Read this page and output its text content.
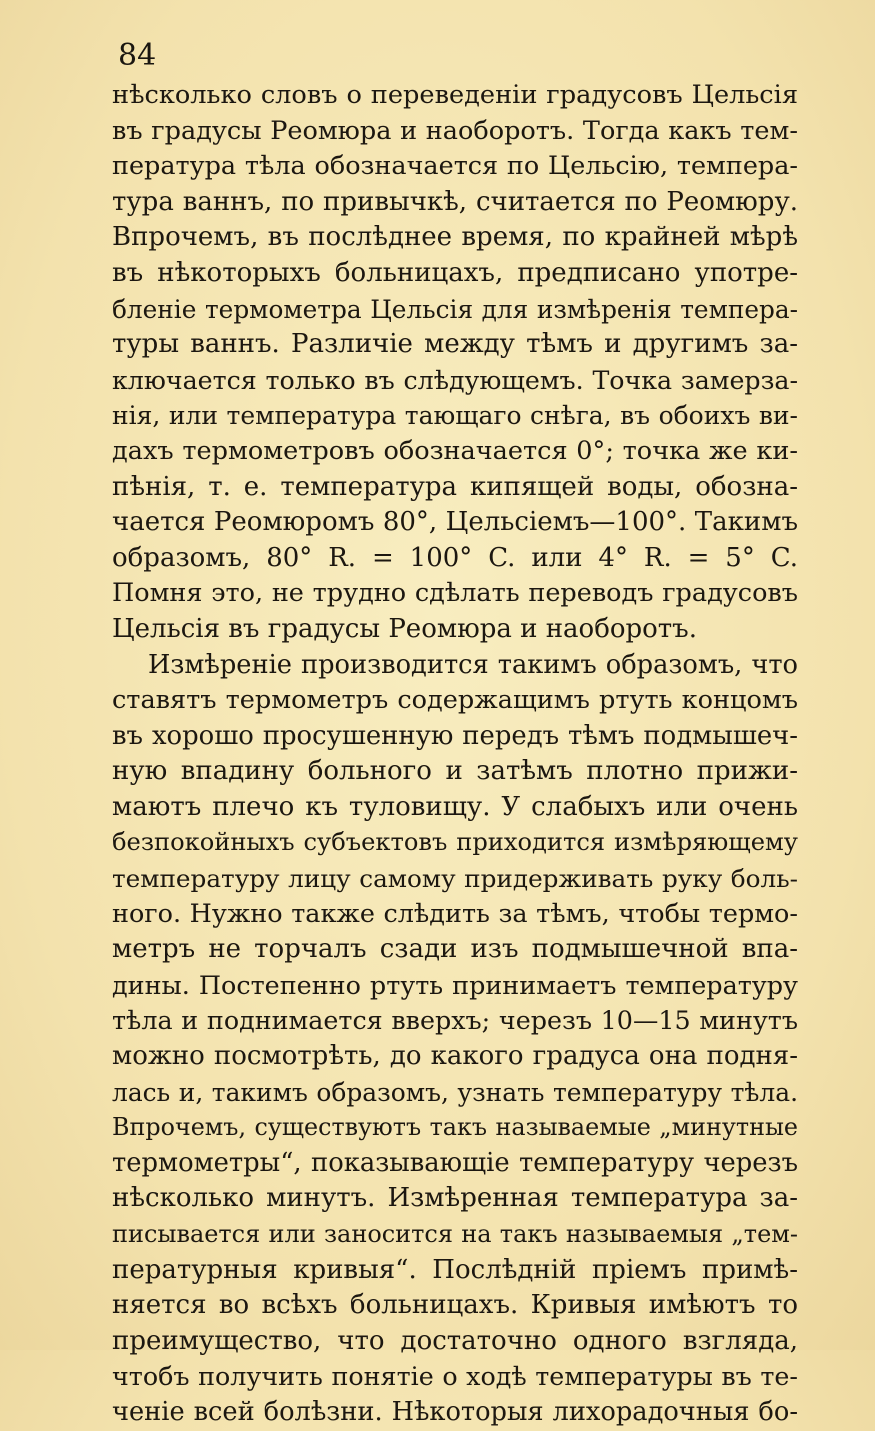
84
нѣсколько словъ о переведеніи градусовъ Цельсія
въ градусы Реомюра и наоборотъ. Тогда какъ тем-
пература тѣла обозначается по Цельсію, темпера-
тура ваннъ, по привычкѣ, считается по Реомюру.
Впрочемъ, въ послѣднее время, по крайней мѣрѣ
въ нѣкоторыхъ больницахъ, предписано употре-
бленіе термометра Цельсія для измѣренія темпера-
туры ваннъ. Различіе между тѣмъ и другимъ за-
ключается только въ слѣдующемъ. Точка замерза-
нія, или температура тающаго снѣга, въ обоихъ ви-
дахъ термометровъ обозначается 0°; точка же ки-
пѣнія, т. е. температура кипящей воды, обозна-
чается Реомюромъ 80°, Цельсіемъ—100°. Такимъ
образомъ, 80° R. = 100° C. или 4° R. = 5° C.
Помня это, не трудно сдѣлать переводъ градусовъ
Цельсія въ градусы Реомюра и наоборотъ.
Измѣреніе производится такимъ образомъ, что
ставятъ термометръ содержащимъ ртуть концомъ
въ хорошо просушенную передъ тѣмъ подмышеч-
ную впадину больного и затѣмъ плотно прижи-
маютъ плечо къ туловищу. У слабыхъ или очень
безпокойныхъ субъектовъ приходится измѣряющему
температуру лицу самому придерживать руку боль-
ного. Нужно также слѣдить за тѣмъ, чтобы термо-
метръ не торчалъ сзади изъ подмышечной впа-
дины. Постепенно ртуть принимаетъ температуру
тѣла и поднимается вверхъ; черезъ 10—15 минутъ
можно посмотрѣть, до какого градуса она подня-
лась и, такимъ образомъ, узнать температуру тѣла.
Впрочемъ, существуютъ такъ называемые „минутные
термометры“, показывающіе температуру черезъ
нѣсколько минутъ. Измѣренная температура за-
писывается или заносится на такъ называемыя „тем-
пературныя кривыя“. Послѣдній пріемъ примѣ-
няется во всѣхъ больницахъ. Кривыя имѣютъ то
преимущество, что достаточно одного взгляда,
чтобъ получить понятіе о ходѣ температуры въ те-
ченіе всей болѣзни. Нѣкоторыя лихорадочныя бо-
